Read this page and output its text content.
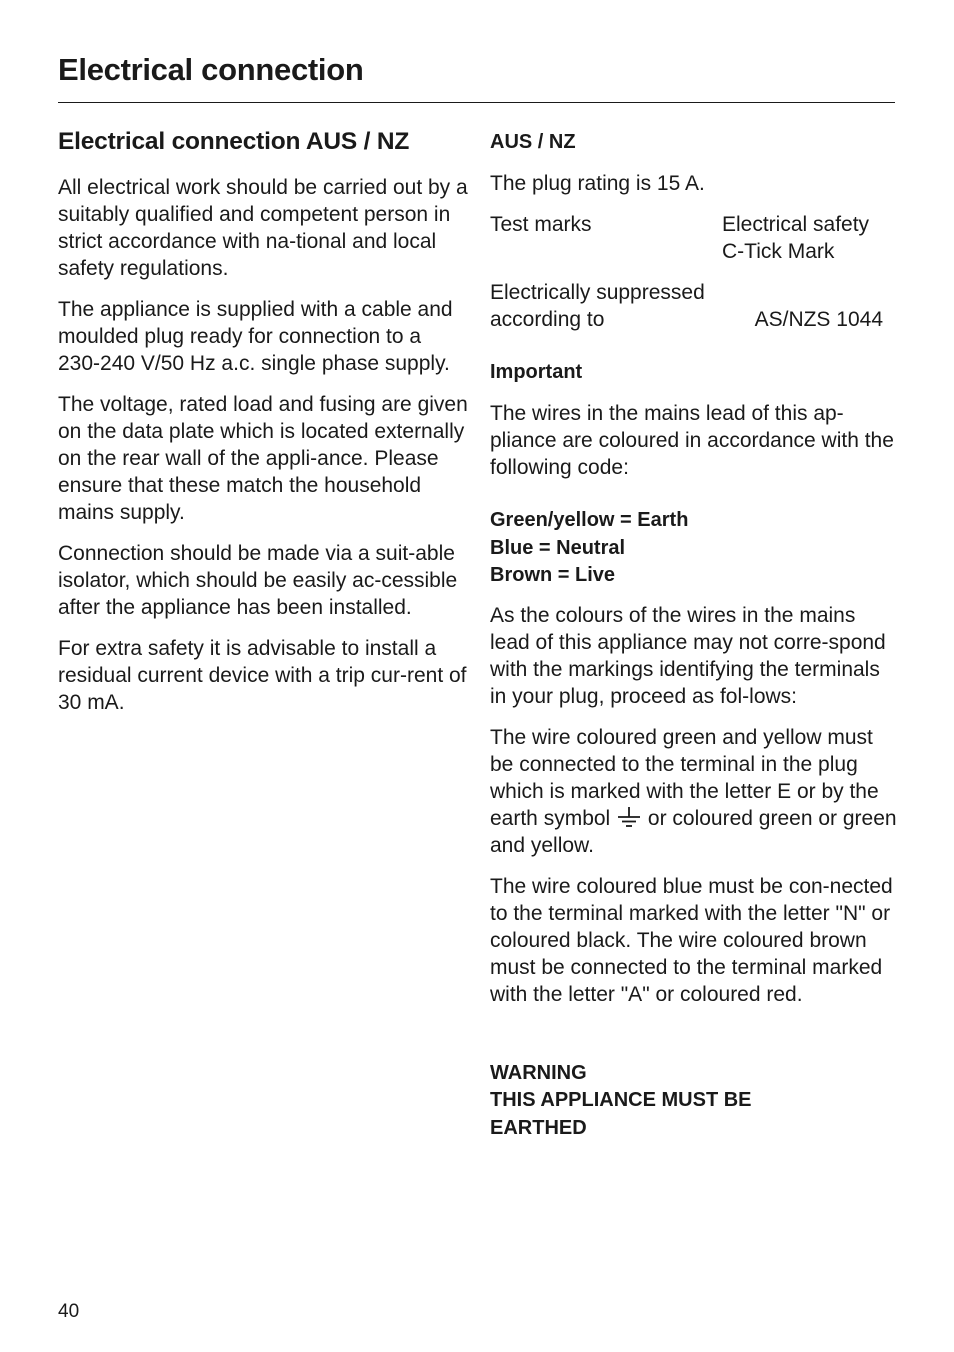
Electrical connection
Electrical connection AUS / NZ

All electrical work should be carried out by a suitably qualified and competent person in strict accordance with na-tional and local safety regulations.

The appliance is supplied with a cable and moulded plug ready for connection to a 230-240 V/50 Hz a.c. single phase supply.

The voltage, rated load and fusing are given on the data plate which is located externally on the rear wall of the appli-ance. Please ensure that these match the household mains supply.

Connection should be made via a suit-able isolator, which should be easily ac-cessible after the appliance has been installed.

For extra safety it is advisable to install a residual current device with a trip cur-rent of 30 mA.

AUS / NZ

The plug rating is 15 A.

Test marks	Electrical safety
C-Tick Mark
Electrically suppressed
according to	AS/NZS 1044
Important

The wires in the mains lead of this ap-pliance are coloured in accordance with the following code:

Green/yellow = Earth
Blue = Neutral
Brown = Live

As the colours of the wires in the mains lead of this appliance may not corre-spond with the markings identifying the terminals in your plug, proceed as fol-lows:

The wire coloured green and yellow must be connected to the terminal in the plug which is marked with the letter E or by the earth symbol or coloured green or green and yellow.

The wire coloured blue must be con-nected to the terminal marked with the letter "N" or coloured black. The wire coloured brown must be connected to the terminal marked with the letter "A" or coloured red.

WARNING
THIS APPLIANCE MUST BE
EARTHED
40
